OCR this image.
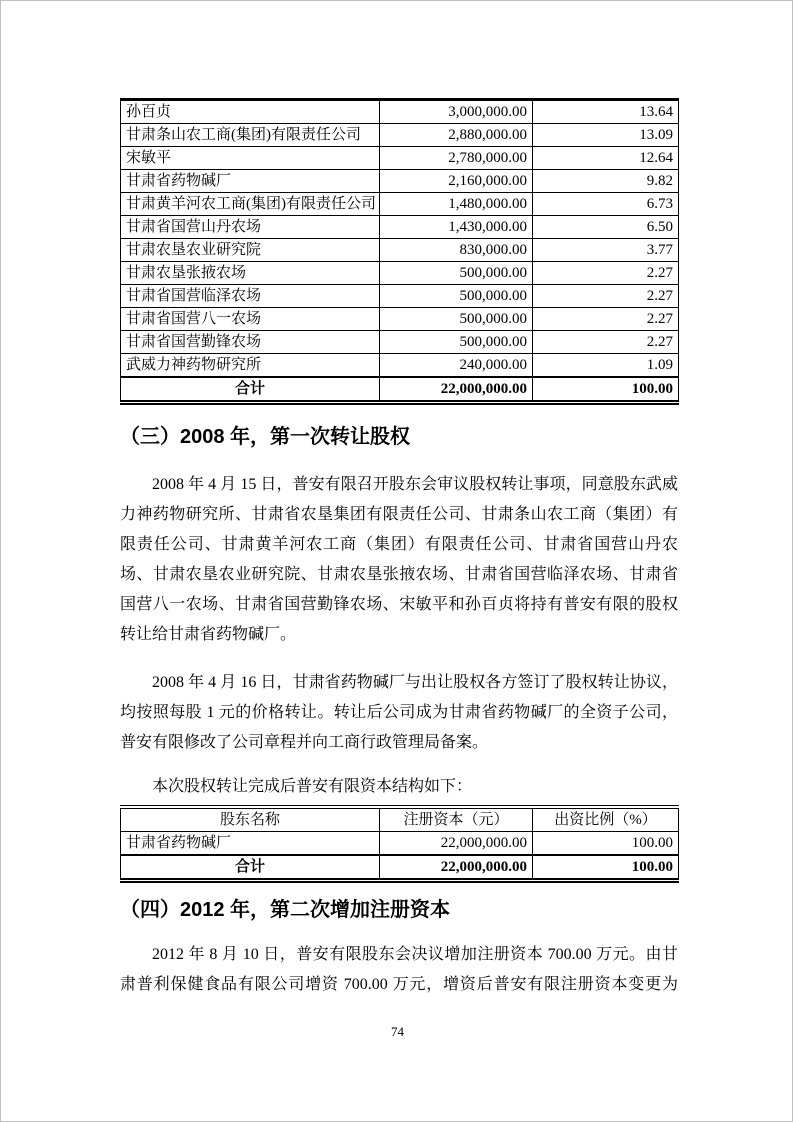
孙百贞	3,000,000.00	13.64
甘肃条山农工商(集团)有限责任公司	2,880,000.00	13.09
宋敏平	2,780,000.00	12.64
甘肃省药物碱厂	2,160,000.00	9.82
甘肃黄羊河农工商(集团)有限责任公司	1,480,000.00	6.73
甘肃省国营山丹农场	1,430,000.00	6.50
甘肃农垦农业研究院	830,000.00	3.77
甘肃农垦张掖农场	500,000.00	2.27
甘肃省国营临泽农场	500,000.00	2.27
甘肃省国营八一农场	500,000.00	2.27
甘肃省国营勤锋农场	500,000.00	2.27
武威力神药物研究所	240,000.00	1.09
合计	22,000,000.00	100.00
（三）2008 年，第一次转让股权

2008 年 4 月 15 日，普安有限召开股东会审议股权转让事项，同意股东武威力神药物研究所、甘肃省农垦集团有限责任公司、甘肃条山农工商（集团）有限责任公司、甘肃黄羊河农工商（集团）有限责任公司、甘肃省国营山丹农场、甘肃农垦农业研究院、甘肃农垦张掖农场、甘肃省国营临泽农场、甘肃省国营八一农场、甘肃省国营勤锋农场、宋敏平和孙百贞将持有普安有限的股权转让给甘肃省药物碱厂。

2008 年 4 月 16 日，甘肃省药物碱厂与出让股权各方签订了股权转让协议，均按照每股 1 元的价格转让。转让后公司成为甘肃省药物碱厂的全资子公司，普安有限修改了公司章程并向工商行政管理局备案。

本次股权转让完成后普安有限资本结构如下：

股东名称	注册资本（元）	出资比例（%）
甘肃省药物碱厂	22,000,000.00	100.00
合计	22,000,000.00	100.00
（四）2012 年，第二次增加注册资本

2012 年 8 月 10 日，普安有限股东会决议增加注册资本 700.00 万元。由甘肃普利保健食品有限公司增资 700.00 万元，增资后普安有限注册资本变更为

74
